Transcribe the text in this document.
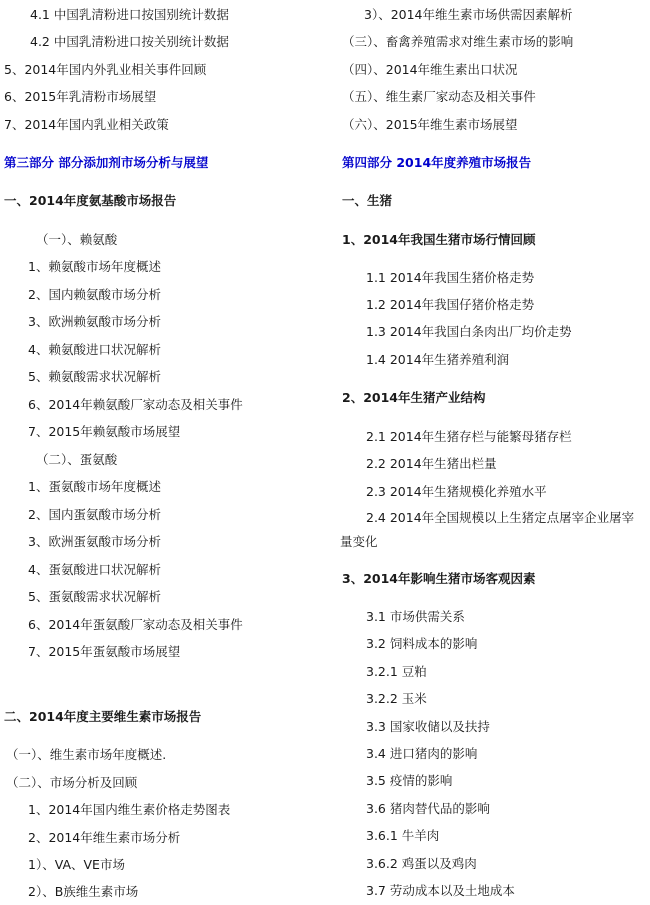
4.1 中国乳清粉进口按国别统计数据
4.2 中国乳清粉进口按关别统计数据
5、2014年国内外乳业相关事件回顾
6、2015年乳清粉市场展望
7、2014年国内乳业相关政策
第三部分 部分添加剂市场分析与展望
一、2014年度氨基酸市场报告
（一）、赖氨酸
1、赖氨酸市场年度概述
2、国内赖氨酸市场分析
3、欧洲赖氨酸市场分析
4、赖氨酸进口状况解析
5、赖氨酸需求状况解析
6、2014年赖氨酸厂家动态及相关事件
7、2015年赖氨酸市场展望
（二）、蛋氨酸
1、蛋氨酸市场年度概述
2、国内蛋氨酸市场分析
3、欧洲蛋氨酸市场分析
4、蛋氨酸进口状况解析
5、蛋氨酸需求状况解析
6、2014年蛋氨酸厂家动态及相关事件
7、2015年蛋氨酸市场展望
二、2014年度主要维生素市场报告
（一）、维生素市场年度概述.
（二）、市场分析及回顾
1、2014年国内维生素价格走势图表
2、2014年维生素市场分析
1）、VA、VE市场
2）、B族维生素市场
3）、2014年维生素市场供需因素解析
（三）、畜禽养殖需求对维生素市场的影响
（四）、2014年维生素出口状况
（五）、维生素厂家动态及相关事件
（六）、2015年维生素市场展望
第四部分 2014年度养殖市场报告
一、生猪
1、2014年我国生猪市场行情回顾
1.1 2014年我国生猪价格走势
1.2 2014年我国仔猪价格走势
1.3 2014年我国白条肉出厂均价走势
1.4 2014年生猪养殖利润
2、2014年生猪产业结构
2.1 2014年生猪存栏与能繁母猪存栏
2.2 2014年生猪出栏量
2.3 2014年生猪规模化养殖水平
2.4 2014年全国规模以上生猪定点屠宰企业屠宰量变化
3、2014年影响生猪市场客观因素
3.1 市场供需关系
3.2 饲料成本的影响
3.2.1 豆粕
3.2.2 玉米
3.3 国家收储以及扶持
3.4 进口猪肉的影响
3.5 疫情的影响
3.6 猪肉替代品的影响
3.6.1 牛羊肉
3.6.2 鸡蛋以及鸡肉
3.7 劳动成本以及土地成本
